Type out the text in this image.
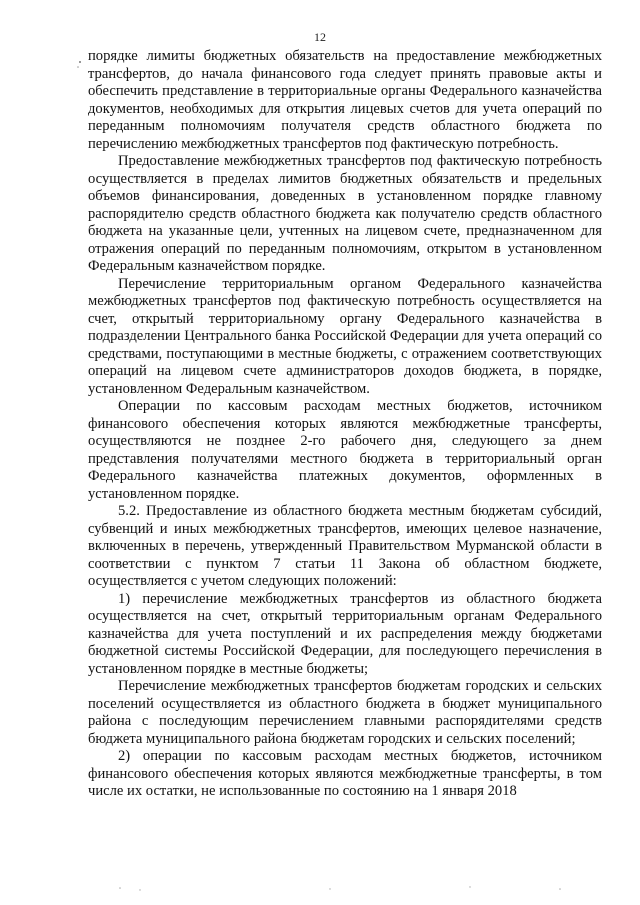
12

порядке лимиты бюджетных обязательств на предоставление межбюджетных трансфертов, до начала финансового года следует принять правовые акты и обеспечить представление в территориальные органы Федерального казначейства документов, необходимых для открытия лицевых счетов для учета операций по переданным полномочиям получателя средств областного бюджета по перечислению межбюджетных трансфертов под фактическую потребность.

Предоставление межбюджетных трансфертов под фактическую потребность осуществляется в пределах лимитов бюджетных обязательств и предельных объемов финансирования, доведенных в установленном порядке главному распорядителю средств областного бюджета как получателю средств областного бюджета на указанные цели, учтенных на лицевом счете, предназначенном для отражения операций по переданным полномочиям, открытом в установленном Федеральным казначейством порядке.

Перечисление территориальным органом Федерального казначейства межбюджетных трансфертов под фактическую потребность осуществляется на счет, открытый территориальному органу Федерального казначейства в подразделении Центрального банка Российской Федерации для учета операций со средствами, поступающими в местные бюджеты, с отражением соответствующих операций на лицевом счете администраторов доходов бюджета, в порядке, установленном Федеральным казначейством.

Операции по кассовым расходам местных бюджетов, источником финансового обеспечения которых являются межбюджетные трансферты, осуществляются не позднее 2-го рабочего дня, следующего за днем представления получателями местного бюджета в территориальный орган Федерального казначейства платежных документов, оформленных в установленном порядке.

5.2. Предоставление из областного бюджета местным бюджетам субсидий, субвенций и иных межбюджетных трансфертов, имеющих целевое назначение, включенных в перечень, утвержденный Правительством Мурманской области в соответствии с пунктом 7 статьи 11 Закона об областном бюджете, осуществляется с учетом следующих положений:

1) перечисление межбюджетных трансфертов из областного бюджета осуществляется на счет, открытый территориальным органам Федерального казначейства для учета поступлений и их распределения между бюджетами бюджетной системы Российской Федерации, для последующего перечисления в установленном порядке в местные бюджеты;

Перечисление межбюджетных трансфертов бюджетам городских и сельских поселений осуществляется из областного бюджета в бюджет муниципального района с последующим перечислением главными распорядителями средств бюджета муниципального района бюджетам городских и сельских поселений;

2) операции по кассовым расходам местных бюджетов, источником финансового обеспечения которых являются межбюджетные трансферты, в том числе их остатки, не использованные по состоянию на 1 января 2018
